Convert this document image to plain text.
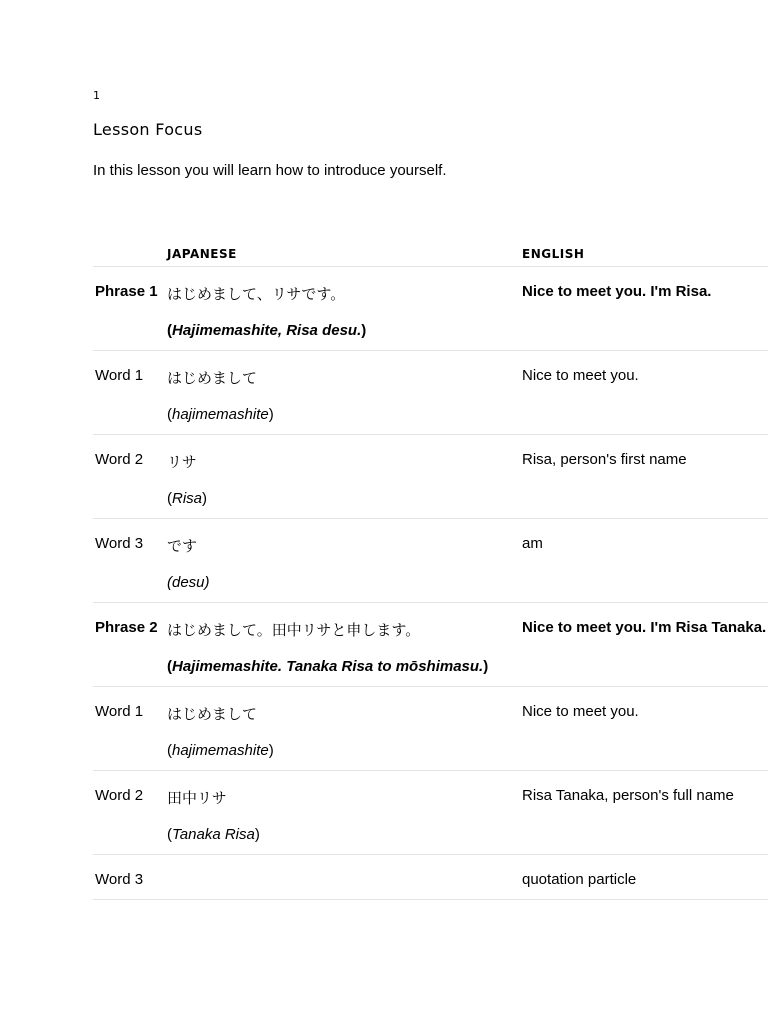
1
Lesson Focus
In this lesson you will learn how to introduce yourself.
JAPANESE	ENGLISH
Phrase 1 はじめまして、リサです。
(Hajimemashite, Risa desu.)
Nice to meet you. I'm Risa.
Word 1 はじめまして
(hajimemashite)
Nice to meet you.
Word 2 リサ
(Risa)
Risa, person's first name
Word 3 です
(desu)
am
Phrase 2 はじめまして。田中リサと申します。
(Hajimemashite. Tanaka Risa to mōshimasu.)
Nice to meet you. I'm Risa Tanaka.
Word 1 はじめまして
(hajimemashite)
Nice to meet you.
Word 2 田中リサ
(Tanaka Risa)
Risa Tanaka, person's full name
Word 3	quotation particle
